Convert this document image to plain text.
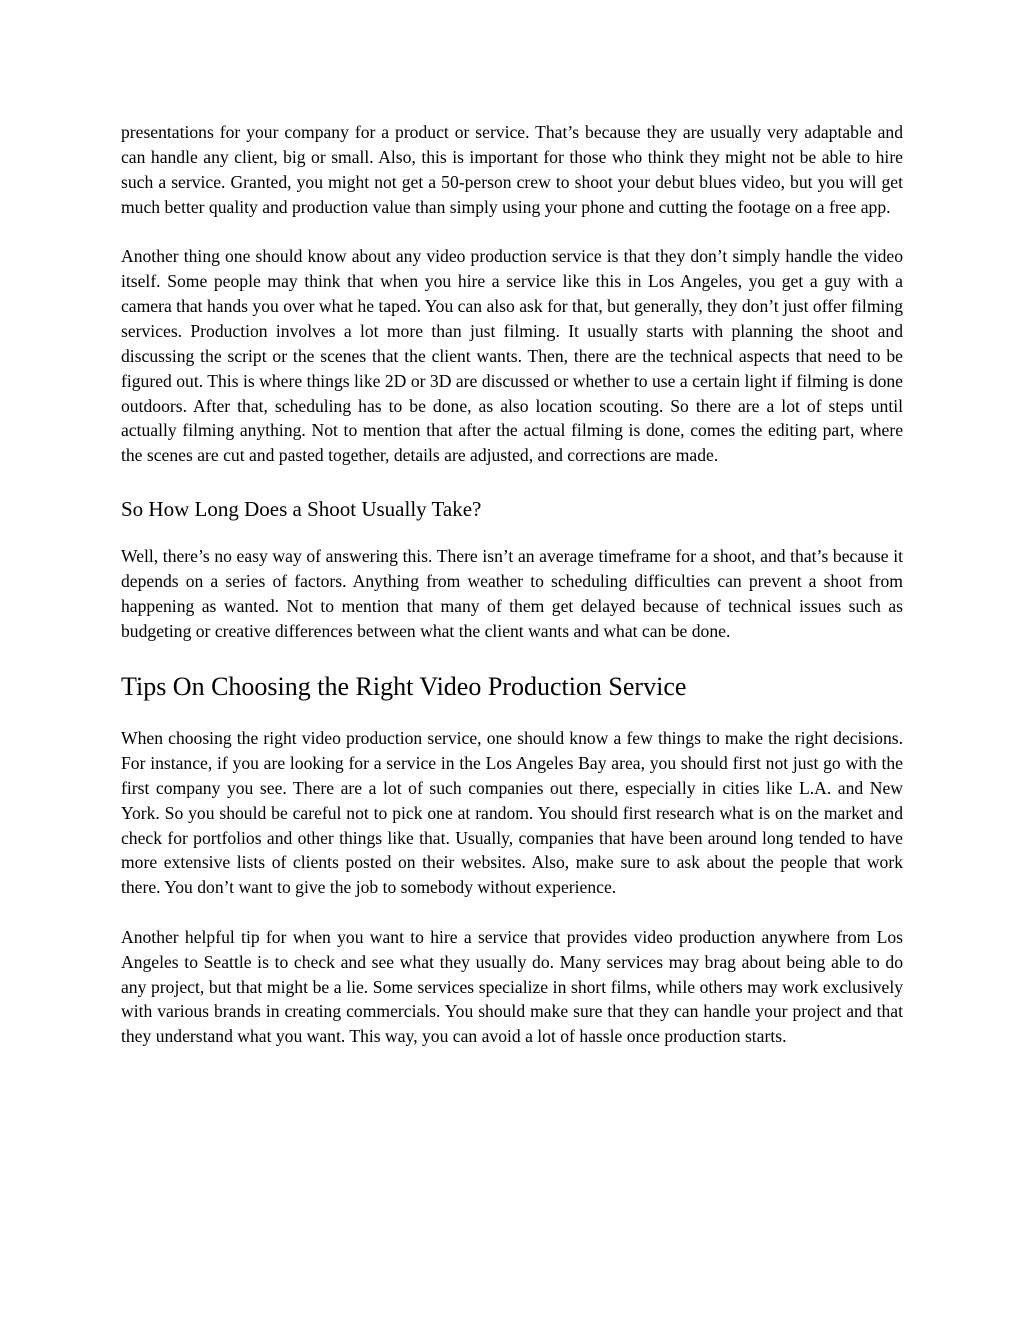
presentations for your company for a product or service. That’s because they are usually very adaptable and can handle any client, big or small. Also, this is important for those who think they might not be able to hire such a service. Granted, you might not get a 50-person crew to shoot your debut blues video, but you will get much better quality and production value than simply using your phone and cutting the footage on a free app.

Another thing one should know about any video production service is that they don’t simply handle the video itself. Some people may think that when you hire a service like this in Los Angeles, you get a guy with a camera that hands you over what he taped. You can also ask for that, but generally, they don’t just offer filming services. Production involves a lot more than just filming. It usually starts with planning the shoot and discussing the script or the scenes that the client wants. Then, there are the technical aspects that need to be figured out. This is where things like 2D or 3D are discussed or whether to use a certain light if filming is done outdoors. After that, scheduling has to be done, as also location scouting. So there are a lot of steps until actually filming anything. Not to mention that after the actual filming is done, comes the editing part, where the scenes are cut and pasted together, details are adjusted, and corrections are made.

So How Long Does a Shoot Usually Take?

Well, there’s no easy way of answering this. There isn’t an average timeframe for a shoot, and that’s because it depends on a series of factors. Anything from weather to scheduling difficulties can prevent a shoot from happening as wanted. Not to mention that many of them get delayed because of technical issues such as budgeting or creative differences between what the client wants and what can be done.

Tips On Choosing the Right Video Production Service

When choosing the right video production service, one should know a few things to make the right decisions. For instance, if you are looking for a service in the Los Angeles Bay area, you should first not just go with the first company you see. There are a lot of such companies out there, especially in cities like L.A. and New York. So you should be careful not to pick one at random. You should first research what is on the market and check for portfolios and other things like that. Usually, companies that have been around long tended to have more extensive lists of clients posted on their websites. Also, make sure to ask about the people that work there. You don’t want to give the job to somebody without experience.

Another helpful tip for when you want to hire a service that provides video production anywhere from Los Angeles to Seattle is to check and see what they usually do. Many services may brag about being able to do any project, but that might be a lie. Some services specialize in short films, while others may work exclusively with various brands in creating commercials. You should make sure that they can handle your project and that they understand what you want. This way, you can avoid a lot of hassle once production starts.
